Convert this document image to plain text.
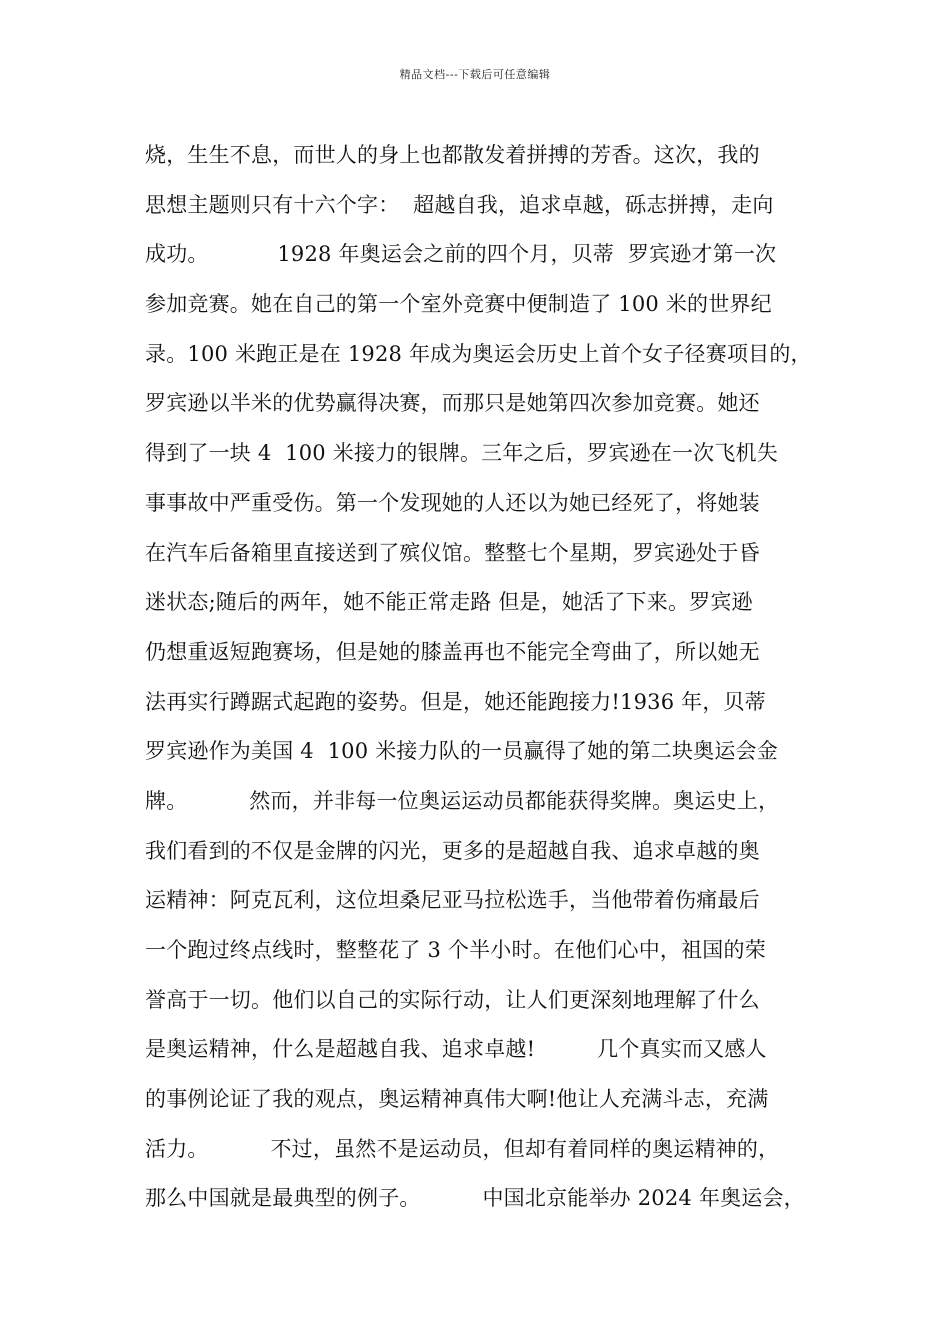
精品文档---下载后可任意编辑
烧，生生不息，而世人的身上也都散发着拼搏的芳香。这次，我的
思想主题则只有十六个字：  超越自我，追求卓越，砾志拼搏，走向
成功。          1928 年奥运会之前的四个月，贝蒂  罗宾逊才第一次
参加竞赛。她在自己的第一个室外竞赛中便制造了 100 米的世界纪
录。100 米跑正是在 1928 年成为奥运会历史上首个女子径赛项目的，
罗宾逊以半米的优势赢得决赛，而那只是她第四次参加竞赛。她还
得到了一块 4  100 米接力的银牌。三年之后，罗宾逊在一次飞机失
事事故中严重受伤。第一个发现她的人还以为她已经死了，将她装
在汽车后备箱里直接送到了殡仪馆。整整七个星期，罗宾逊处于昏
迷状态;随后的两年，她不能正常走路 但是，她活了下来。罗宾逊
仍想重返短跑赛场，但是她的膝盖再也不能完全弯曲了，所以她无
法再实行蹲踞式起跑的姿势。但是，她还能跑接力!1936 年，贝蒂
罗宾逊作为美国 4  100 米接力队的一员赢得了她的第二块奥运会金
牌。         然而，并非每一位奥运运动员都能获得奖牌。奥运史上，
我们看到的不仅是金牌的闪光，更多的是超越自我、追求卓越的奥
运精神：阿克瓦利，这位坦桑尼亚马拉松选手，当他带着伤痛最后
一个跑过终点线时，整整花了 3 个半小时。在他们心中，祖国的荣
誉高于一切。他们以自己的实际行动，让人们更深刻地理解了什么
是奥运精神，什么是超越自我、追求卓越!         几个真实而又感人
的事例论证了我的观点，奥运精神真伟大啊!他让人充满斗志，充满
活力。         不过，虽然不是运动员，但却有着同样的奥运精神的，
那么中国就是最典型的例子。         中国北京能举办 2024 年奥运会，
